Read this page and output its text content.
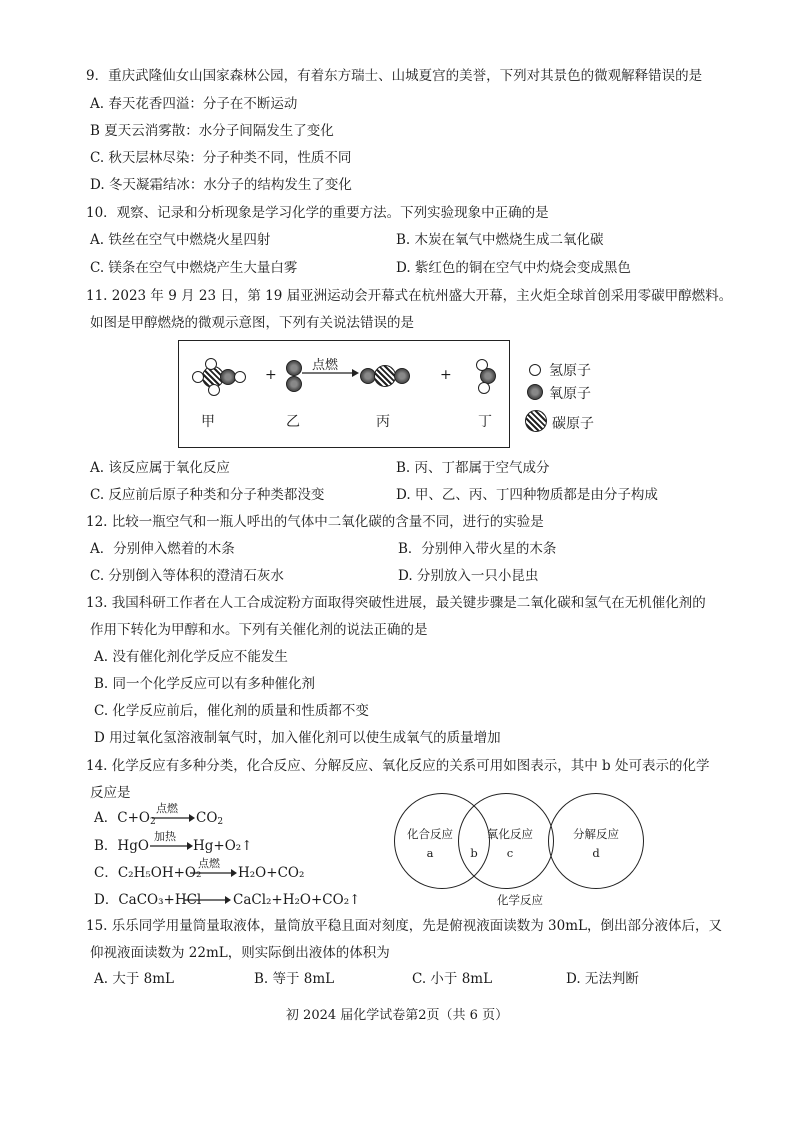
9．重庆武隆仙女山国家森林公园，有着东方瑞士、山城夏宫的美誉，下列对其景色的微观解释错误的是
A. 春天花香四溢：分子在不断运动
B 夏天云消雾散：水分子间隔发生了变化
C. 秋天层林尽染：分子种类不同，性质不同
D. 冬天凝霜结冰：水分子的结构发生了变化
10．观察、记录和分析现象是学习化学的重要方法。下列实验现象中正确的是
A. 铁丝在空气中燃烧火星四射	B. 木炭在氧气中燃烧生成二氧化碳
C. 镁条在空气中燃烧产生大量白雾	D. 紫红色的铜在空气中灼烧会变成黑色
11. 2023 年 9 月 23 日，第 19 届亚洲运动会开幕式在杭州盛大开幕，主火炬全球首创采用零碳甲醇燃料。
如图是甲醇燃烧的微观示意图，下列有关说法错误的是
+
点燃
+
甲	乙	丙	丁
氢原子
氧原子
碳原子
A. 该反应属于氧化反应	B. 丙、丁都属于空气成分
C. 反应前后原子种类和分子种类都没变	D. 甲、乙、丙、丁四种物质都是由分子构成
12. 比较一瓶空气和一瓶人呼出的气体中二氧化碳的含量不同，进行的实验是
A．分别伸入燃着的木条	B．分别伸入带火星的木条
C. 分别倒入等体积的澄清石灰水	D. 分别放入一只小昆虫
13. 我国科研工作者在人工合成淀粉方面取得突破性进展，最关键步骤是二氧化碳和氢气在无机催化剂的
作用下转化为甲醇和水。下列有关催化剂的说法正确的是
A. 没有催化剂化学反应不能发生
B. 同一个化学反应可以有多种催化剂
C. 化学反应前后，催化剂的质量和性质都不变
D 用过氧化氢溶液制氧气时，加入催化剂可以使生成氧气的质量增加
14. 化学反应有多种分类，化合反应、分解反应、氧化反应的关系可用如图表示，其中 b 处可表示的化学
反应是
A．$C+O_2$
点燃
$CO_2$
B．HgO
加热
Hg+O₂↑
C．C₂H₅OH+O₂
点燃
H₂O+CO₂
D．CaCO₃+HCl CaCl₂+H₂O+CO₂↑
化合反应
a	b
氧化反应
c
分解反应
d
化学反应
15. 乐乐同学用量筒量取液体，量筒放平稳且面对刻度，先是俯视液面读数为 30mL，倒出部分液体后，又
仰视液面读数为 22mL，则实际倒出液体的体积为
A. 大于 8mL	B. 等于 8mL	C. 小于 8mL	D. 无法判断
初 2024 届化学试卷第2页（共 6 页）
